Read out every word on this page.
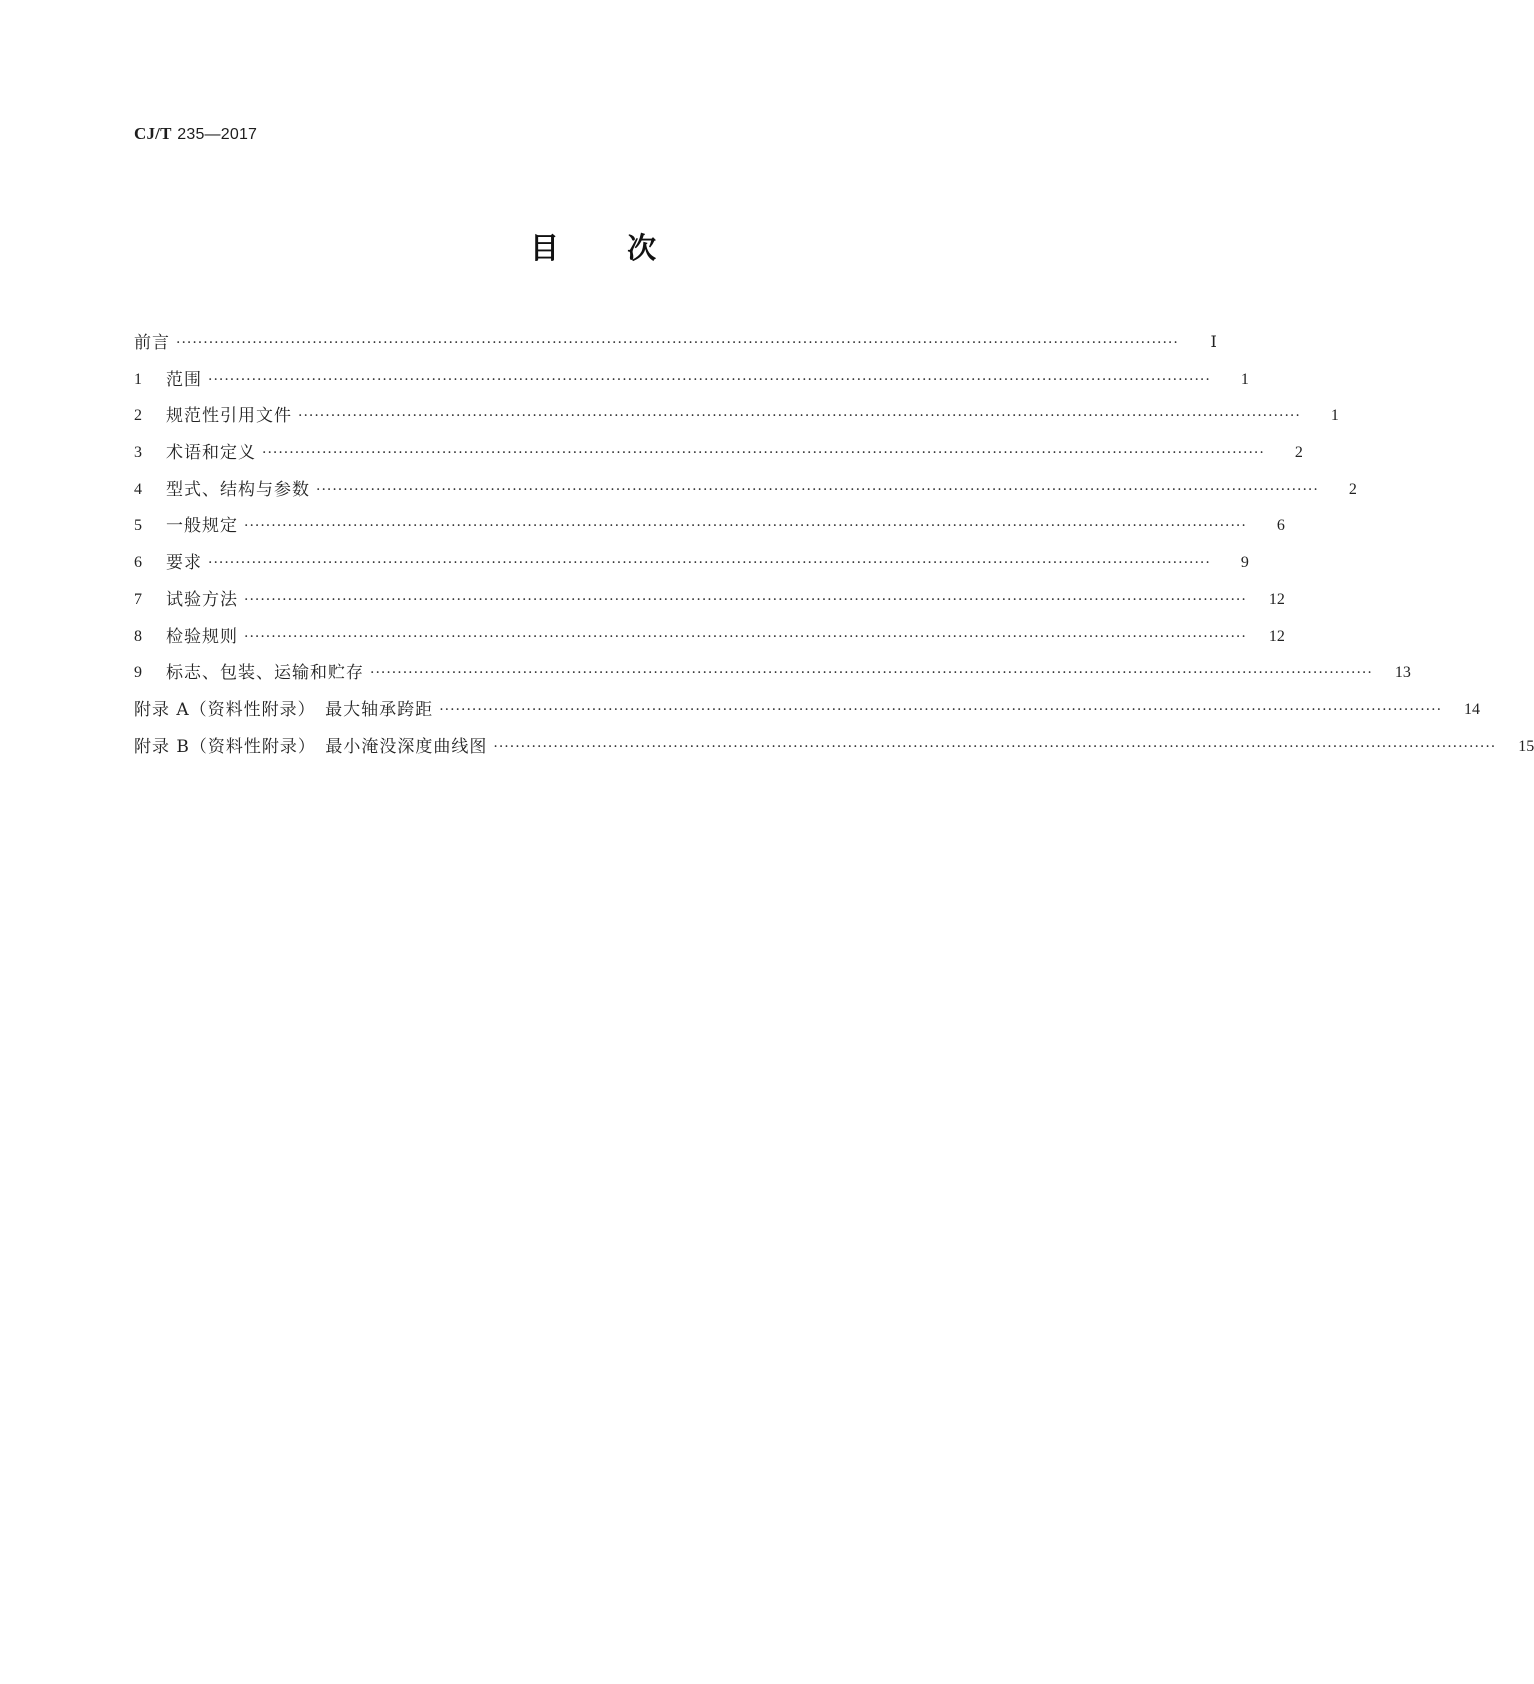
CJ/T 235—2017
目 次
前言 ························································································································································································	Ⅰ
1	范围 ························································································································································································	1
2	规范性引用文件 ························································································································································································	1
3	术语和定义 ························································································································································································	2
4	型式、结构与参数 ························································································································································································	2
5	一般规定 ························································································································································································	6
6	要求 ························································································································································································	9
7	试验方法 ························································································································································································	12
8	检验规则 ························································································································································································	12
9	标志、包装、运输和贮存 ························································································································································································	13
附录 A（资料性附录）　最大轴承跨距 ························································································································································································	14
附录 B（资料性附录）　最小淹没深度曲线图 ························································································································································································	15
